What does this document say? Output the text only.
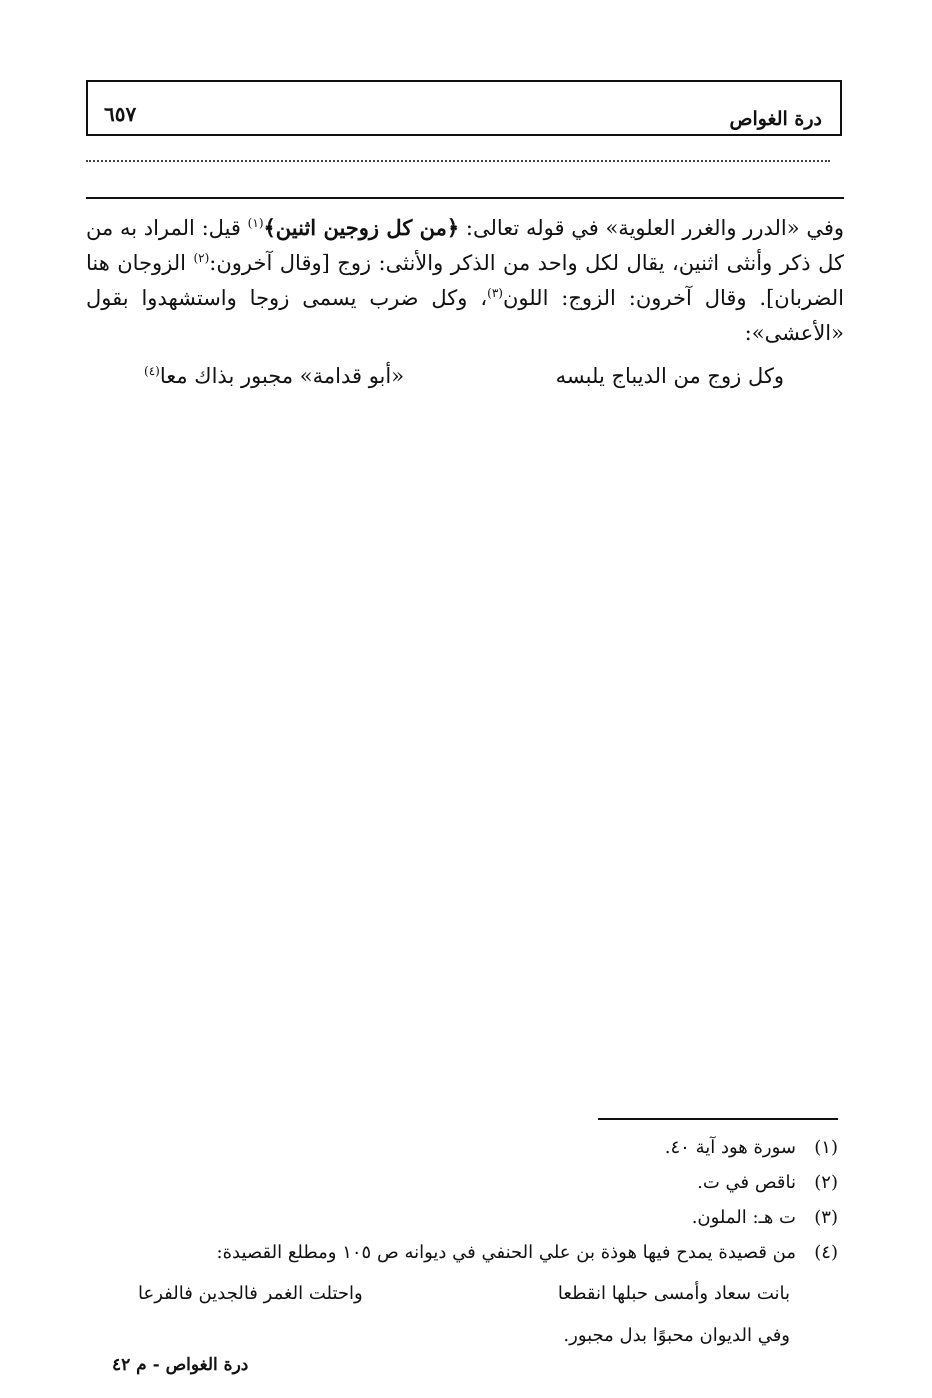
درة الغواص
٦٥٧

وفي «الدرر والغرر العلوية» في قوله تعالى: ﴿من كل زوجين اثنين﴾$^{(١)}$ قيل: المراد به من كل ذكر وأنثى اثنين، يقال لكل واحد من الذكر والأنثى: زوج [وقال آخرون:$^{(٢)}$ الزوجان هنا الضربان]. وقال آخرون: الزوج: اللون$^{(٣)}$، وكل ضرب يسمى زوجا واستشهدوا بقول «الأعشى»:

وكل زوج من الديباج يلبسه
«أبو قدامة» مجبور بذاك معا$^{(٤)}$
(١)سورة هود آية ٤٠.
(٢)ناقص في ت.
(٣)ت هـ: الملون.
(٤)من قصيدة يمدح فيها هوذة بن علي الحنفي في ديوانه ص ١٠٥ ومطلع القصيدة:
بانت سعاد وأمسى حبلها انقطعا
واحتلت الغمر فالجدين فالفرعا
وفي الديوان محبوًا بدل مجبور.
درة الغواص - م ٤٢
